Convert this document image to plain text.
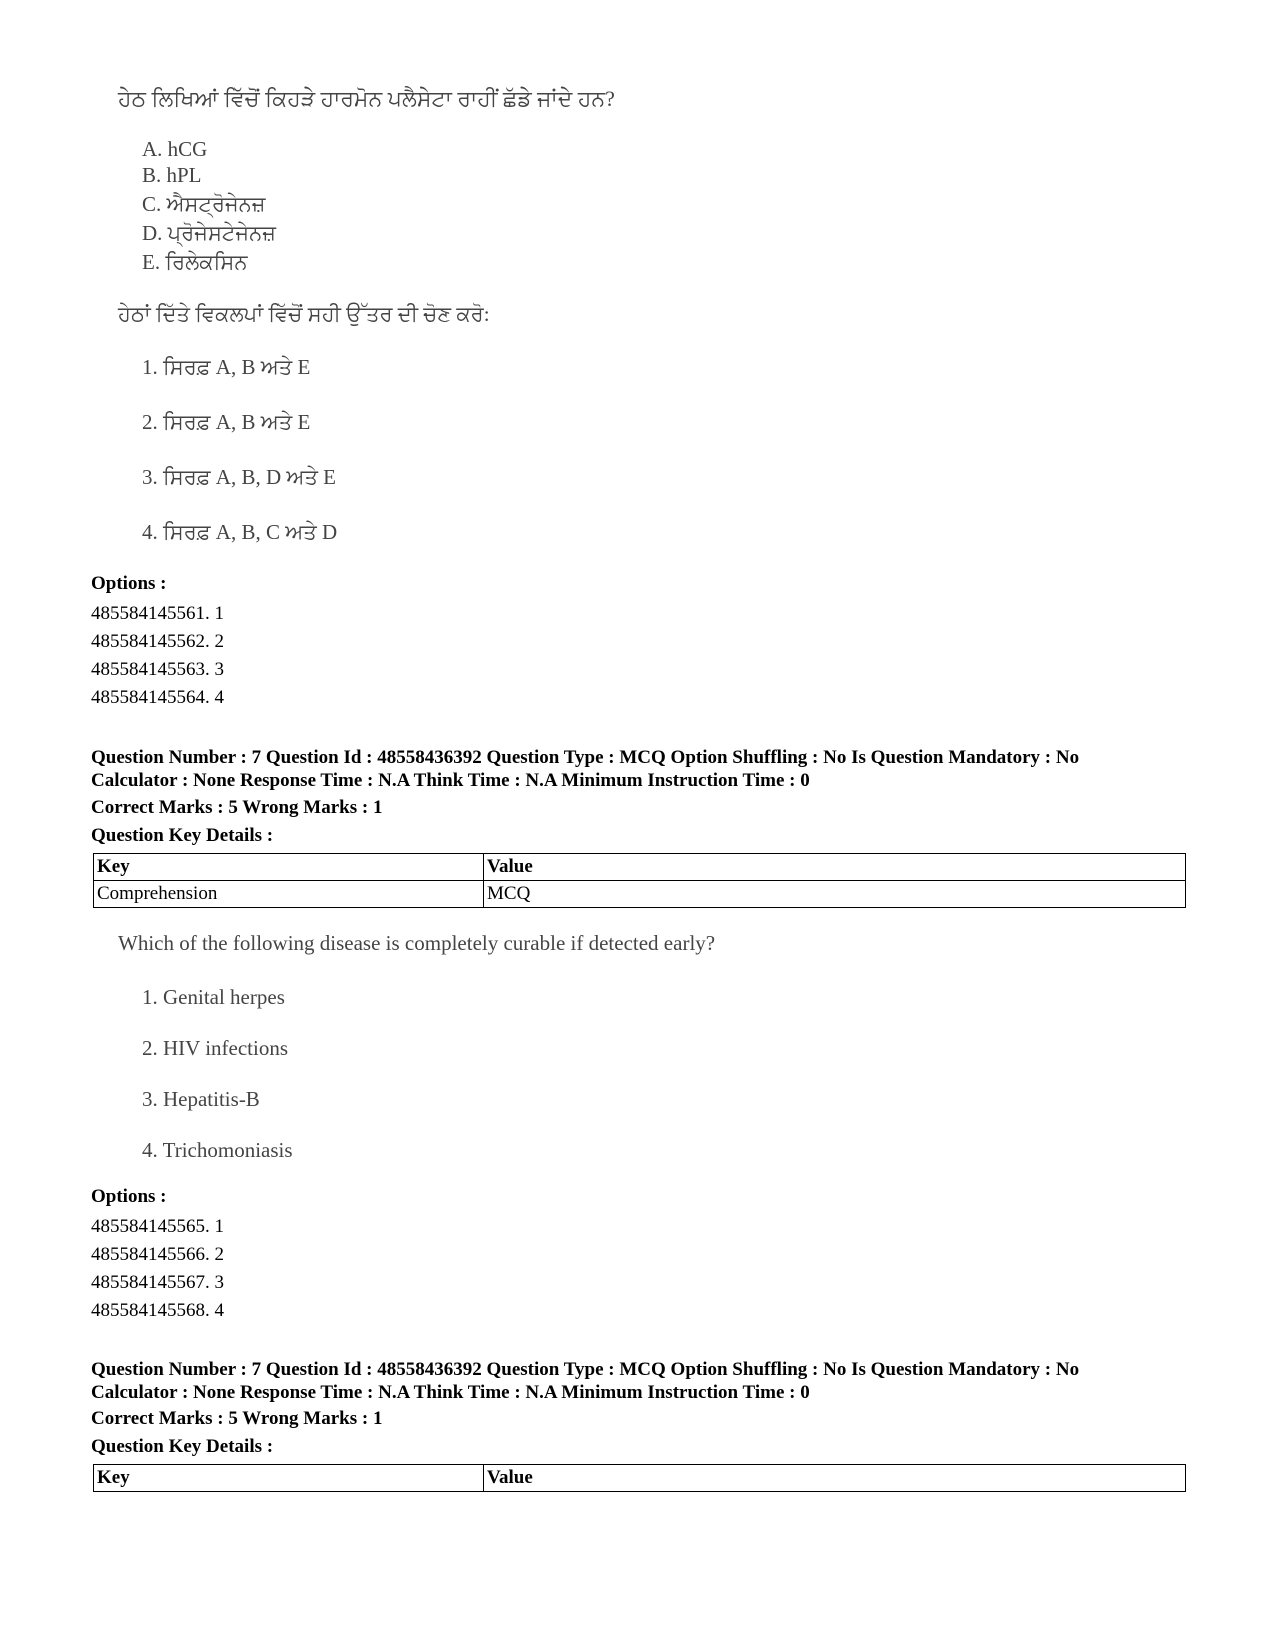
ਹੇਠ ਲਿਖਿਆਂ ਵਿੱਚੋਂ ਕਿਹੜੇ ਹਾਰਮੋਨ ਪਲੈਸੇਟਾ ਰਾਹੀਂ ਛੱਡੇ ਜਾਂਦੇ ਹਨ?
A. hCG
B. hPL
C. ਐਸਟ੍ਰੋਜੇਨਜ਼
D. ਪ੍ਰੋਜੇਸਟੇਜੇਨਜ਼
E. ਰਿਲੇਕਸਿਨ
ਹੇਠਾਂ ਦਿੱਤੇ ਵਿਕਲਪਾਂ ਵਿੱਚੋਂ ਸਹੀ ਉੱਤਰ ਦੀ ਚੋਣ ਕਰੋ:
1. ਸਿਰਫ਼ A, B ਅਤੇ E
2. ਸਿਰਫ਼ A, B ਅਤੇ E
3. ਸਿਰਫ਼ A, B, D ਅਤੇ E
4. ਸਿਰਫ਼ A, B, C ਅਤੇ D
Options :
485584145561. 1
485584145562. 2
485584145563. 3
485584145564. 4
Question Number : 7 Question Id : 48558436392 Question Type : MCQ Option Shuffling : No Is Question Mandatory : No
Calculator : None Response Time : N.A Think Time : N.A Minimum Instruction Time : 0
Correct Marks : 5 Wrong Marks : 1
Question Key Details :
Key	Value
Comprehension	MCQ
Which of the following disease is completely curable if detected early?
1. Genital herpes
2. HIV infections
3. Hepatitis-B
4. Trichomoniasis
Options :
485584145565. 1
485584145566. 2
485584145567. 3
485584145568. 4
Question Number : 7 Question Id : 48558436392 Question Type : MCQ Option Shuffling : No Is Question Mandatory : No
Calculator : None Response Time : N.A Think Time : N.A Minimum Instruction Time : 0
Correct Marks : 5 Wrong Marks : 1
Question Key Details :
Key	Value
